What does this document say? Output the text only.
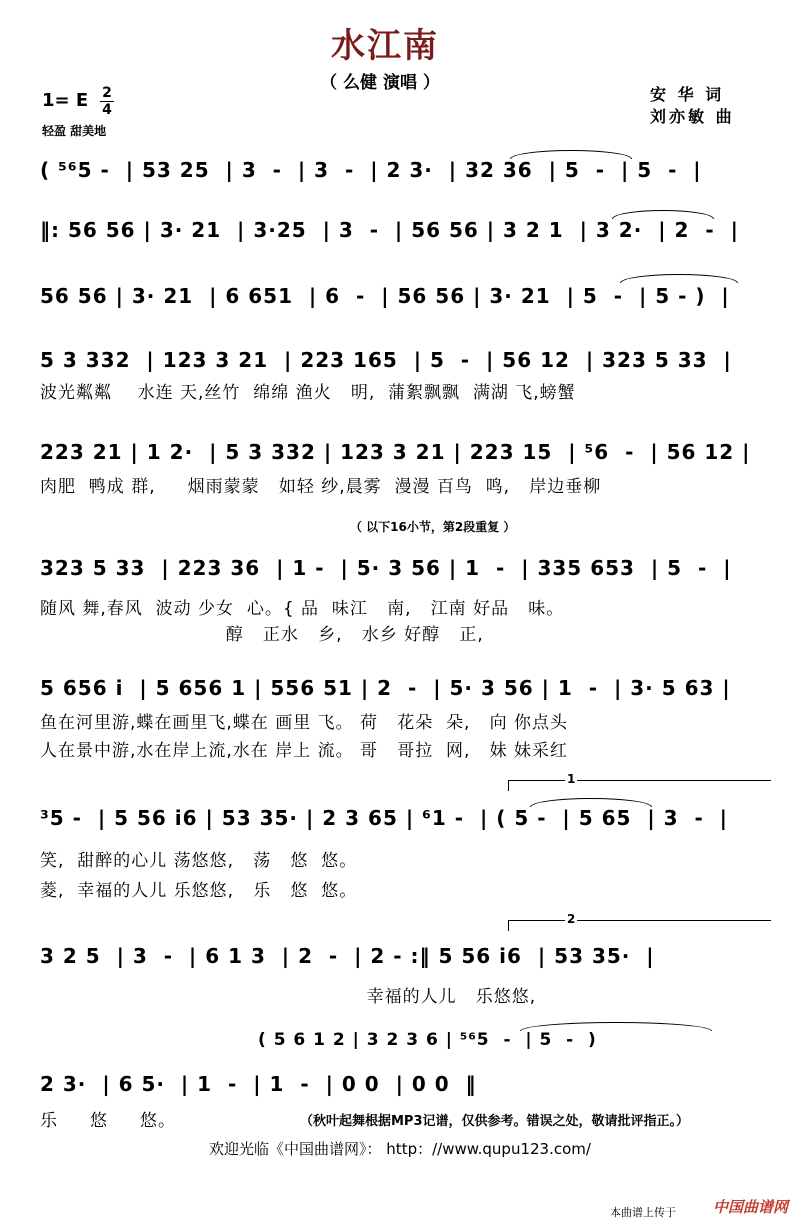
水江南
（ 么健 演唱 ）
安 华 词
刘亦敏 曲
1= E 2
4
轻盈 甜美地
( ⁵⁶5 -  | 53 25  | 3  -  | 3  -  | 2 3·  | 32 36  | 5  -  | 5  -  |
‖: 56 56 | 3· 21  | 3·25  | 3  -  | 56 56 | 3 2 1  | 3 2·  | 2  -  |
56 56 | 3· 21  | 6 651  | 6  -  | 56 56 | 3· 21  | 5  -  | 5 - )  |
5 3 332  | 123 3 21  | 223 165  | 5  -  | 56 12  | 323 5 33  |
波光粼粼    水连 天,丝竹  绵绵 渔火   明,  蒲絮飘飘  满湖 飞,螃蟹
223 21 | 1 2·  | 5 3 332 | 123 3 21 | 223 15  | ⁵6  -  | 56 12 |
肉肥  鸭成 群,     烟雨蒙蒙   如轻 纱,晨雾  漫漫 百鸟  鸣,   岸边垂柳
（ 以下16小节，第2段重复 ）
323 5 33  | 223 36  | 1 -  | 5· 3 56 | 1  -  | 335 653  | 5  -  |
随风 舞,春风  波动 少女  心。{ 品  味江   南,   江南 好品   味。
醇   正水   乡,   水乡 好醇   正,
5 656 i  | 5 656 1 | 556 51 | 2  -  | 5· 3 56 | 1  -  | 3· 5 63 |
鱼在河里游,蝶在画里飞,蝶在 画里 飞。 荷   花朵  朵,   向 你点头
人在景中游,水在岸上流,水在 岸上 流。 哥   哥拉  网,   妹 妹采红
1
³5 -  | 5 56 i6 | 53 35· | 2 3 65 | ⁶1 -  | ( 5 -  | 5 65  | 3  -  |
笑,  甜醉的心儿 荡悠悠,   荡   悠  悠。
菱,  幸福的人儿 乐悠悠,   乐   悠  悠。
2
3 2 5  | 3  -  | 6 1 3  | 2  -  | 2 - :‖ 5 56 i6  | 53 35·  |
幸福的人儿   乐悠悠,
( 5 6 1 2 | 3 2 3 6 | ⁵⁶5  -  | 5  -  )
2 3·  | 6 5·  | 1  -  | 1  -  | 0 0  | 0 0  ‖
乐     悠     悠。	（秋叶起舞根据MP3记谱，仅供参考。错误之处，敬请批评指正。）
欢迎光临《中国曲谱网》： http：//www.qupu123.com/
本曲谱上传于 中国曲谱网
